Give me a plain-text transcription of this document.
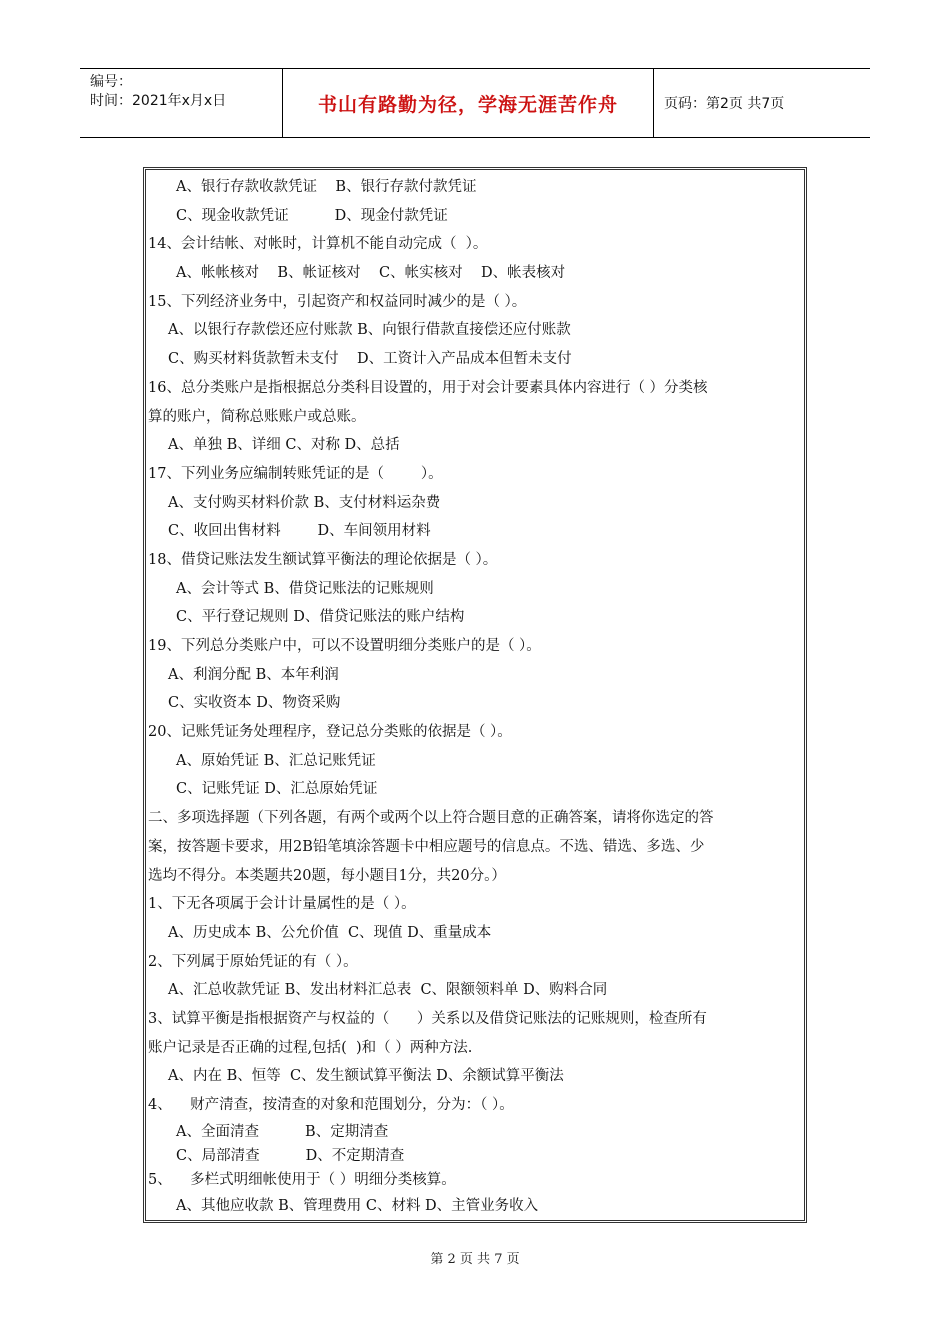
编号：
时间：2021年x月x日	书山有路勤为径，学海无涯苦作舟	页码：第2页 共7页
A、银行存款收款凭证    B、银行存款付款凭证
C、现金收款凭证          D、现金付款凭证
14、会计结帐、对帐时，计算机不能自动完成（  ）。
A、帐帐核对    B、帐证核对    C、帐实核对    D、帐表核对
15、下列经济业务中，引起资产和权益同时减少的是（ ）。
A、以银行存款偿还应付账款 B、向银行借款直接偿还应付账款
C、购买材料货款暂未支付    D、工资计入产品成本但暂未支付
16、总分类账户是指根据总分类科目设置的，用于对会计要素具体内容进行（ ）分类核
算的账户，简称总账账户或总账。
A、单独 B、详细 C、对称 D、总括
17、下列业务应编制转账凭证的是（        ）。
A、支付购买材料价款 B、支付材料运杂费
C、收回出售材料        D、车间领用材料
18、借贷记账法发生额试算平衡法的理论依据是（ ）。
A、会计等式 B、借贷记账法的记账规则
C、平行登记规则 D、借贷记账法的账户结构
19、下列总分类账户中，可以不设置明细分类账户的是（ ）。
A、利润分配 B、本年利润
C、实收资本 D、物资采购
20、记账凭证务处理程序，登记总分类账的依据是（ ）。
A、原始凭证 B、汇总记账凭证
C、记账凭证 D、汇总原始凭证
二、多项选择题（下列各题，有两个或两个以上符合题目意的正确答案，请将你选定的答
案，按答题卡要求，用2B铅笔填涂答题卡中相应题号的信息点。不选、错选、多选、少
选均不得分。本类题共20题，每小题目1分，共20分。）
1、下无各项属于会计计量属性的是（ ）。
A、历史成本 B、公允价值  C、现值 D、重量成本
2、下列属于原始凭证的有（ ）。
A、汇总收款凭证 B、发出材料汇总表  C、限额领料单 D、购料合同
3、试算平衡是指根据资产与权益的（      ）关系以及借贷记账法的记账规则，检查所有
账户记录是否正确的过程,包括(  )和（ ）两种方法.
A、内在 B、恒等  C、发生额试算平衡法 D、余额试算平衡法
4、    财产清查，按清查的对象和范围划分，分为：（ ）。
A、全面清查          B、定期清查
C、局部清查          D、不定期清查
5、    多栏式明细帐使用于（ ）明细分类核算。
A、其他应收款 B、管理费用 C、材料 D、主管业务收入
第 2 页 共 7 页
